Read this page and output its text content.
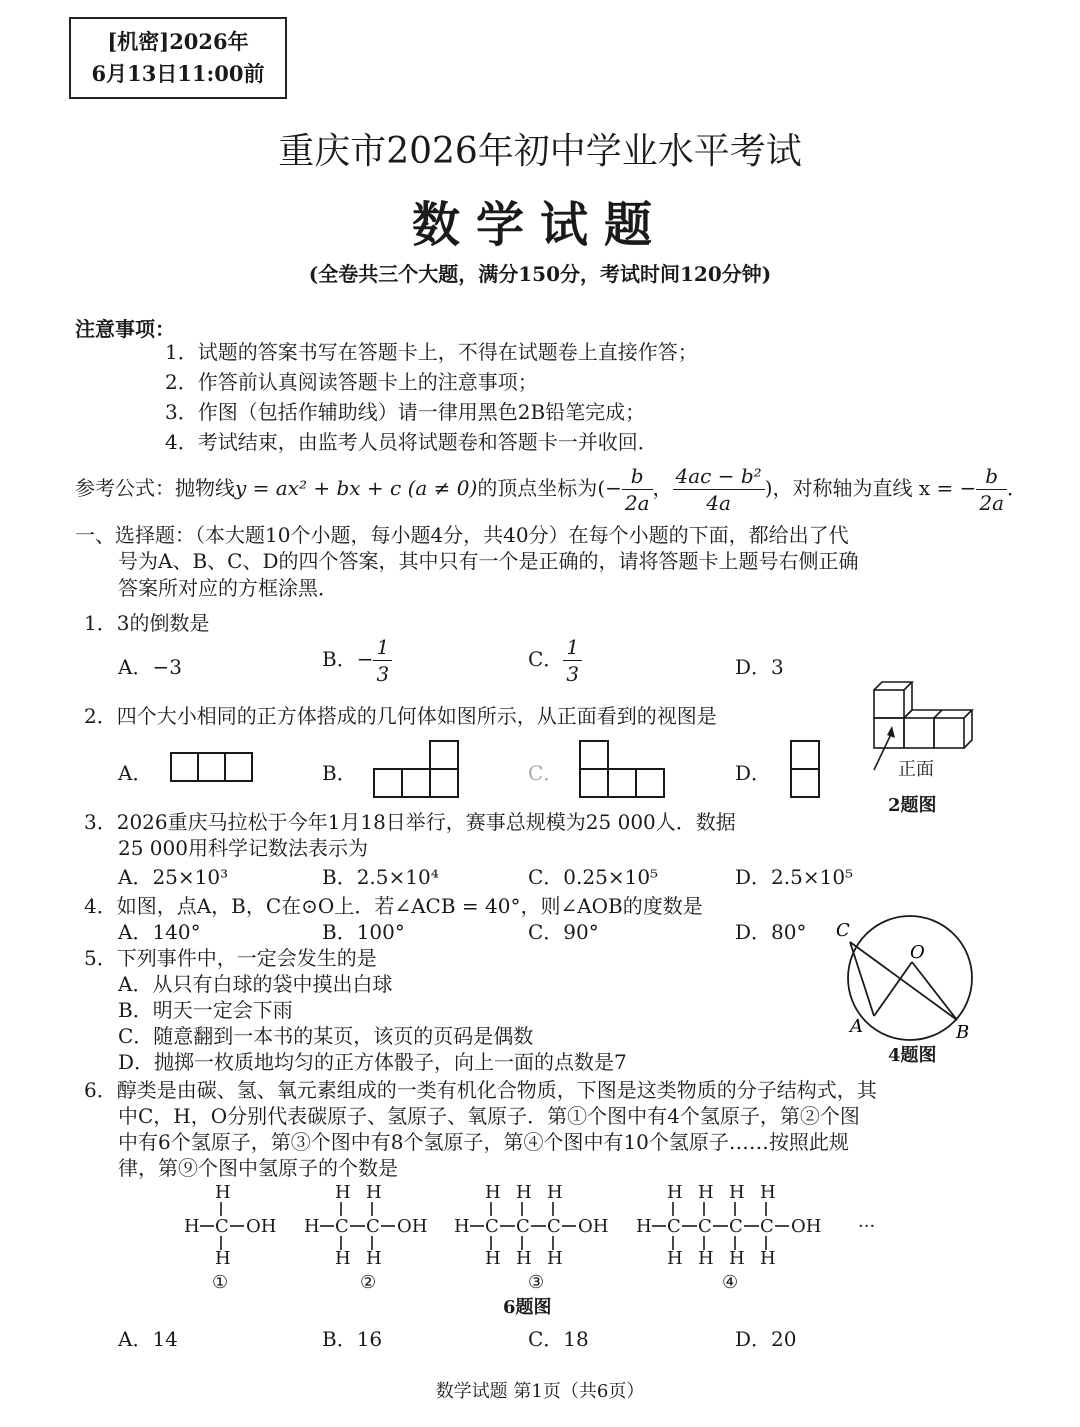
[机密]2026年
6月13日11:00前
重庆市2026年初中学业水平考试
数学试题
(全卷共三个大题，满分150分，考试时间120分钟)
注意事项：
1．试题的答案书写在答题卡上，不得在试题卷上直接作答；
2．作答前认真阅读答题卡上的注意事项；
3．作图（包括作辅助线）请一律用黑色2B铅笔完成；
4．考试结束，由监考人员将试题卷和答题卡一并收回．
参考公式：抛物线y = ax² + bx + c (a ≠ 0)的顶点坐标为(− $\frac{b}{2a}$ ， $\frac{\text{4ac − b²}}{4a}$ )，对称轴为直线 x = − $\frac{b}{2a}$ ．
一、选择题：（本大题10个小题，每小题4分，共40分）在每个小题的下面，都给出了代
号为A、B、C、D的四个答案，其中只有一个是正确的，请将答题卡上题号右侧正确
答案所对应的方框涂黑．
1．3的倒数是
A．−3	B．− $\frac{1}{3}$	C． $\frac{1}{3}$	D．3
2．四个大小相同的正方体搭成的几何体如图所示，从正面看到的视图是
A．	B．	C．	D．	正面
2题图
3．2026重庆马拉松于今年1月18日举行，赛事总规模为25 000人．数据
25 000用科学记数法表示为
A．25×10³	B．2.5×10⁴	C．0.25×10⁵	D．2.5×10⁵
4．如图，点A，B，C在⊙O上．若∠ACB = 40°，则∠AOB的度数是
A．140°	B．100°	C．90°	D．80° C
O
A	B
4题图
5．下列事件中，一定会发生的是
A．从只有白球的袋中摸出白球
B．明天一定会下雨
C．随意翻到一本书的某页，该页的页码是偶数
D．抛掷一枚质地均匀的正方体骰子，向上一面的点数是7
6．醇类是由碳、氢、氧元素组成的一类有机化合物质，下图是这类物质的分子结构式，其
中C，H，O分别代表碳原子、氢原子、氧原子．第①个图中有4个氢原子，第②个图
中有6个氢原子，第③个图中有8个氢原子，第④个图中有10个氢原子……按照此规
律，第⑨个图中氢原子的个数是
H
H C OH
H
H H
H C C OH
H H
H H H
H C C C OH
H H H
H H H H
H C C C C OH
H H H H
···
①	②	③	④
6题图
A．14	B．16	C．18	D．20
数学试题 第1页（共6页）
